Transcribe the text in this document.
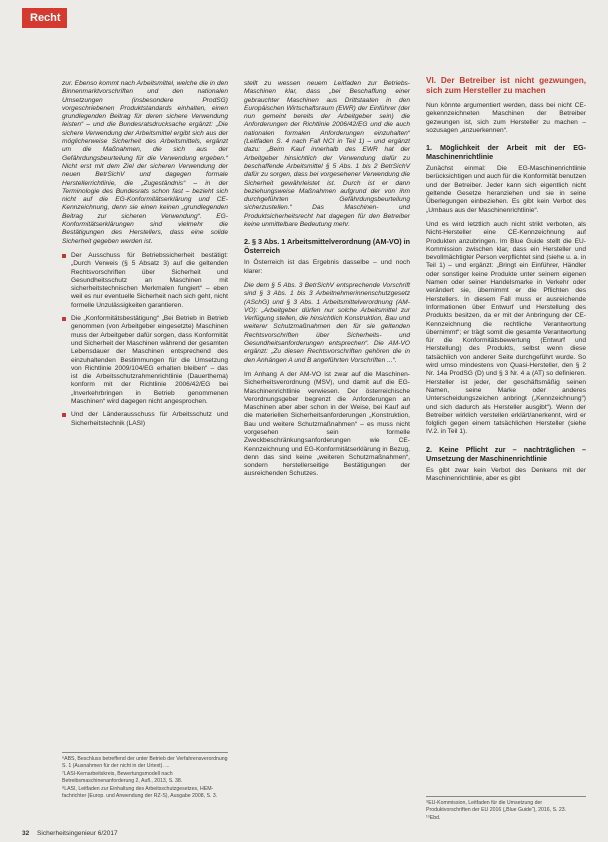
Recht

zur. Ebenso kommt nach Arbeitsmittel, welche die in den Binnenmarktvorschriften und den nationalen Umsetzungen (insbesondere ProdSG) vorgeschriebenen Produktstandards einhalten, einen grundlegenden Beitrag für deren sichere Verwendung leisten“ – und die Bundesratsdrucksache ergänzt: „Die sichere Verwendung der Arbeitsmittel ergibt sich aus der möglicherweise Sicherheit des Arbeitsmittels, ergänzt um die Maßnahmen, die sich aus der Gefährdungsbeurteilung für die Verwendung ergeben.“ Nicht erst mit dem Ziel der sicheren Verwendung der neuen BetrSichV und dagegen formale Herstellerrichtlinie, die „Zugeständnis“ – in der Terminologie des Bundesrats schon fast – bezieht sich nicht auf die EG-Konformitätserklärung und CE-Kennzeichnung, denn sie einen keinen „grundlegenden Beitrag zur sicheren Verwendung“. EG-Konformitätserklärungen sind vielmehr die Bestätigungen des Herstellers, dass eine solide Sicherheit gegeben werden ist.

Der Ausschuss für Betriebssicherheit bestätigt: „Durch Verweis (§ 5 Absatz 3) auf die geltenden Rechtsvorschriften über Sicherheit und Gesundheitsschutz an Maschinen mit sicherheitstechnischen Merkmalen fungiert“ – eben weil es nur eventuelle Sicherheit nach sich geht, nicht formelle Unzulässigkeiten garantieren.
Die „Konformitätsbestätigung“ „Bei Betrieb in Betrieb genommen (von Arbeitgeber eingesetzte) Maschinen muss der Arbeitgeber dafür sorgen, dass Konformität und Sicherheit der Maschinen während der gesamten Lebensdauer der Maschinen entsprechend des einzuhaltenden Bestimmungen für die Umsetzung von Richtlinie 2009/104/EG erhalten bleiben“ – das ist die Arbeitsschutzrahmenrichtlinie (Dauerthema) konform mit der Richtlinie 2006/42/EG bei „Inverkehrbringen in Betrieb genommenen Maschinen“ wird dagegen nicht angesprochen.
Und der Länderausschuss für Arbeitsschutz und Sicherheitstechnik (LASI)

stellt zu wessen neuem Leitfaden zur Betriebs-Maschinen klar, dass „bei Beschaffung einer gebrauchter Maschinen aus Drittstaaten in den Europäischen Wirtschaftsraum (EWR) der Einführer (der nun gemeint bereits der Arbeitgeber sein) die Anforderungen der Richtlinie 2006/42/EG und die auch nationalen formalen Anforderungen einzuhalten“ (Leitfaden S. 4 nach Fall NCI in Teil 1) – und ergänzt dazu: „Beim Kauf innerhalb des EWR hat der Arbeitgeber hinsichtlich der Verwendung dafür zu beschaffende Arbeitsmittel § 5 Abs. 1 bis 2 BetrSichV dafür zu sorgen, dass bei vorgesehener Verwendung die Sicherheit gewährleistet ist. Durch ist er dann beziehungsweise Maßnahmen aufgrund der von ihm durchgeführten Gefährdungsbeurteilung sicherzustellen.“ Das Maschinen- und Produktsicherheitsrecht hat dagegen für den Betreiber keine unmittelbare Bedeutung mehr.

2. § 3 Abs. 1 Arbeitsmittelverordnung (AM-VO) in Österreich

In Österreich ist das Ergebnis dasselbe – und noch klarer:

Die dem § 5 Abs. 3 BetrSichV entsprechende Vorschrift sind § 3 Abs. 1 bis 3 Arbeitnehmerinnenschutzgesetz (ASchG) und § 3 Abs. 1 Arbeitsmittelverordnung (AM-VO): „Arbeitgeber dürfen nur solche Arbeitsmittel zur Verfügung stellen, die hinsichtlich Konstruktion, Bau und weiterer Schutzmaßnahmen den für sie geltenden Rechtsvorschriften über Sicherheits- und Gesundheitsanforderungen entsprechen“. Die AM-VO ergänzt: „Zu diesen Rechtsvorschriften gehören die in den Anhängen A und B angeführten Vorschriften ...“.

Im Anhang A der AM-VO ist zwar auf die Maschinen-Sicherheitsverordnung (MSV), und damit auf die EG-Maschinenrichtlinie verwiesen. Der österreichische Verordnungsgeber begrenzt die Anforderungen an Maschinen aber aber schon in der Weise, bei Kauf auf die materiellen Sicherheitsanforderungen „Konstruktion, Bau und weitere Schutzmaßnahmen“ – es muss nicht vorgesehen sein formelle Zweckbeschränkungsanforderungen wie CE-Kennzeichnung und EG-Konformitätserklärung in Bezug, denn das sind keine „weiteren Schutzmaßnahmen“, sondern herstellerseitige Bestätigungen der ausreichenden Schutzes.

VI. Der Betreiber ist nicht gezwungen, sich zum Hersteller zu machen

Nun könnte argumentiert werden, dass bei nicht CE-gekennzeichneten Maschinen der Betreiber gezwungen ist, sich zum Hersteller zu machen – sozusagen „anzuerkennen“.

1. Möglichkeit der Arbeit mit der EG-Maschinenrichtlinie

Zunächst einmal: Die EG-Maschinenrichtlinie berücksichtigen und auch für die Konformität benutzen und der Betreiber. Jeder kann sich eigentlich nicht geltende Gesetze heranziehen und sie in seine Überlegungen einbeziehen. Es gibt kein Verbot des „Umbaus aus der Maschinenrichtlinie“.

Und es wird letztlich auch nicht strikt verboten, als Nicht-Hersteller eine CE-Kennzeichnung auf Produkten anzubringen. Im Blue Guide stellt die EU-Kommission zwischen klar, dass ein Hersteller und bevollmächtigter Person verpflichtet sind (siehe u. a. in Teil 1) – und ergänzt: „Bringt ein Einführer, Händler oder sonstiger keine Produkte unter seinem eigenen Namen oder seiner Handelsmarke in Verkehr oder verändert sie, übernimmt er die Pflichten des Herstellers. In diesem Fall muss er ausreichende Informationen über Entwurf und Herstellung des Produkts besitzen, da er mit der Anbringung der CE-Kennzeichnung die rechtliche Verantwortung übernimmt“; er trägt somit die gesamte Verantwortung für die Konformitätsbewertung (Entwurf und Herstellung) des Produkts, selbst wenn diese tatsächlich von anderer Seite durchgeführt wurde. So wird umso mindestens von Quasi-Hersteller, den § 2 Nr. 14a ProdSG (D) und § 3 Nr. 4 a (AT) so definieren. Hersteller ist jeder, der geschäftsmäßig seinen Namen, seine Marke oder anderes Unterscheidungszeichen anbringt („Kennzeichnung“) und sich dadurch als Hersteller ausgibt“). Wenn der Betreiber wirklich verstellen erklärt/anerkennt, wird er folglich gegen einem tatsächlichen Hersteller (siehe IV.2. in Teil 1).

2. Keine Pflicht zur – nachträglichen – Umsetzung der Maschinenrichtlinie

Es gibt zwar kein Verbot des Denkens mit der Maschinenrichtlinie, aber es gibt

⁶ABS, Beschluss betreffend der unter Betrieb der Verfahrensverordnung S. 1 (Ausnahmen für der nicht in der Urtext). ...
⁷LASI-Kernarbeitskreis, Bewertungsmodell nach Betreibsmaschinenanforderung 2, Aufl., 2013, S. 38.
⁸LASI, Leitfaden zur Einhaltung des Arbeitsschutzgesetzes, HEM-fachrichter (Europ. und Anwendung der RZ-S), Ausgabe 2008, S. 3.
⁹EU-Kommission, Leitfaden für die Umsetzung der Produktvorschriften der EU 2016 („Blue Guide“), 2016, S. 23.
¹⁰Ebd.
32 Sicherheitsingenieur 6/2017
